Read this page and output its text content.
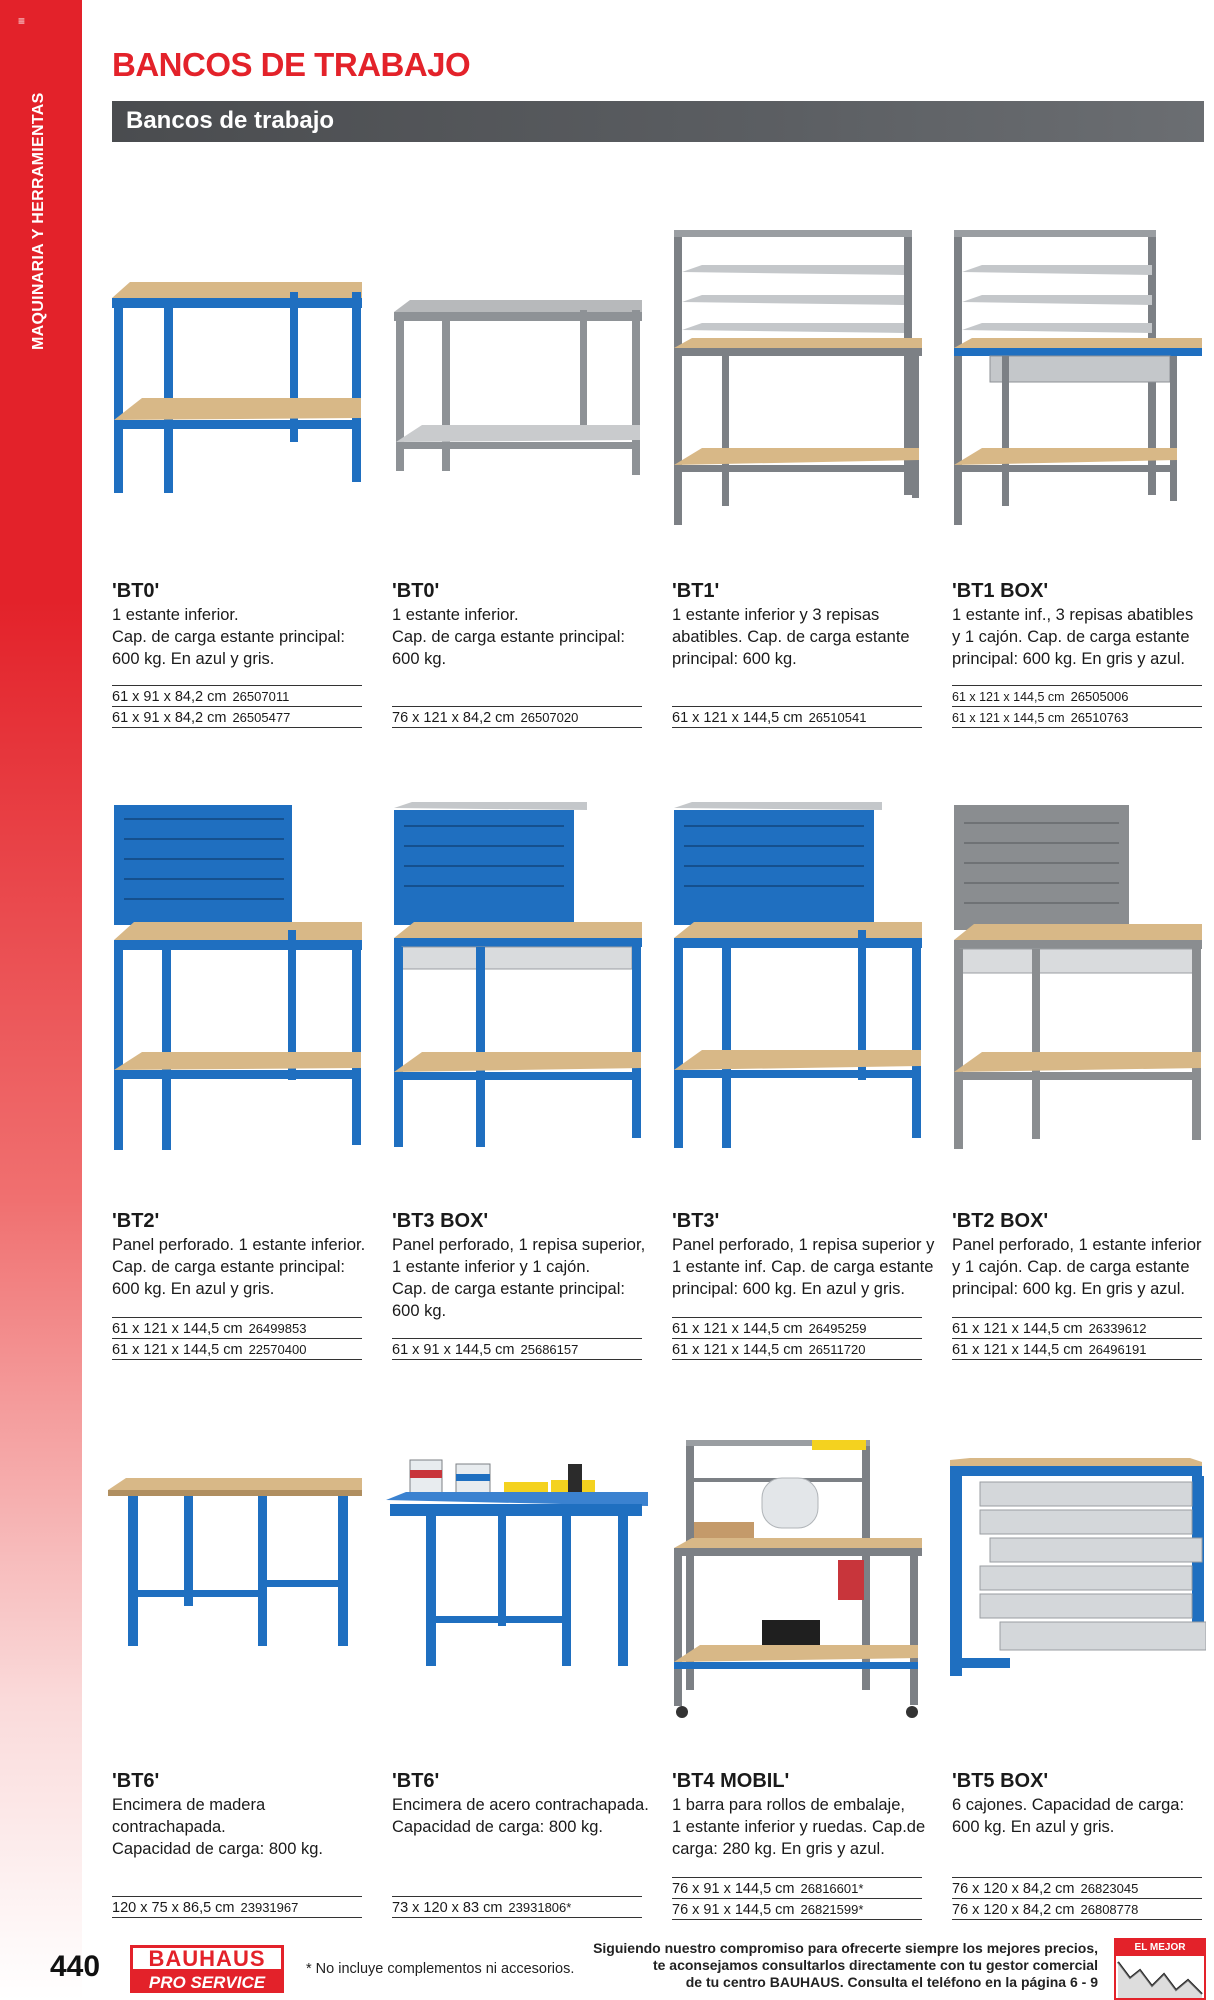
≡
MAQUINARIA Y HERRAMIENTAS
BANCOS DE TRABAJO
Bancos de trabajo
'BT0'
1 estante inferior.
Cap. de carga estante principal:
600 kg. En azul y gris.
61 x 91 x 84,2 cm 26507011
61 x 91 x 84,2 cm 26505477
'BT0'
1 estante inferior.
Cap. de carga estante principal:
600 kg.
76 x 121 x 84,2 cm 26507020
'BT1'
1 estante inferior y 3 repisas
abatibles. Cap. de carga estante
principal: 600 kg.
61 x 121 x 144,5 cm 26510541
'BT1 BOX'
1 estante inf., 3 repisas abatibles
y 1 cajón. Cap. de carga estante
principal: 600 kg. En gris y azul.
61 x 121 x 144,5 cm 26505006
61 x 121 x 144,5 cm 26510763
'BT2'
Panel perforado. 1 estante inferior.
Cap. de carga estante principal:
600 kg. En azul y gris.
61 x 121 x 144,5 cm 26499853
61 x 121 x 144,5 cm 22570400
'BT3 BOX'
Panel perforado, 1 repisa superior,
1 estante inferior y 1 cajón.
Cap. de carga estante principal:
600 kg.
61 x 91 x 144,5 cm 25686157
'BT3'
Panel perforado, 1 repisa superior y
1 estante inf. Cap. de carga estante
principal: 600 kg. En azul y gris.
61 x 121 x 144,5 cm 26495259
61 x 121 x 144,5 cm 26511720
'BT2 BOX'
Panel perforado, 1 estante inferior
y 1 cajón. Cap. de carga estante
principal: 600 kg. En gris y azul.
61 x 121 x 144,5 cm 26339612
61 x 121 x 144,5 cm 26496191
'BT6'
Encimera de madera
contrachapada.
Capacidad de carga: 800 kg.
120 x 75 x 86,5 cm 23931967
'BT6'
Encimera de acero contrachapada.
Capacidad de carga: 800 kg.
73 x 120 x 83 cm 23931806*
'BT4 MOBIL'
1 barra para rollos de embalaje,
1 estante inferior y ruedas. Cap.de
carga: 280 kg. En gris y azul.
76 x 91 x 144,5 cm 26816601*
76 x 91 x 144,5 cm 26821599*
'BT5 BOX'
6 cajones. Capacidad de carga:
600 kg. En azul y gris.
76 x 120 x 84,2 cm 26823045
76 x 120 x 84,2 cm 26808778
440	BAUHAUS
PRO SERVICE
* No incluye complementos ni accesorios.
Siguiendo nuestro compromiso para ofrecerte siempre los mejores precios,
te aconsejamos consultarlos directamente con tu gestor comercial
de tu centro BAUHAUS. Consulta el teléfono en la página 6 - 9
EL MEJOR PRECIO
